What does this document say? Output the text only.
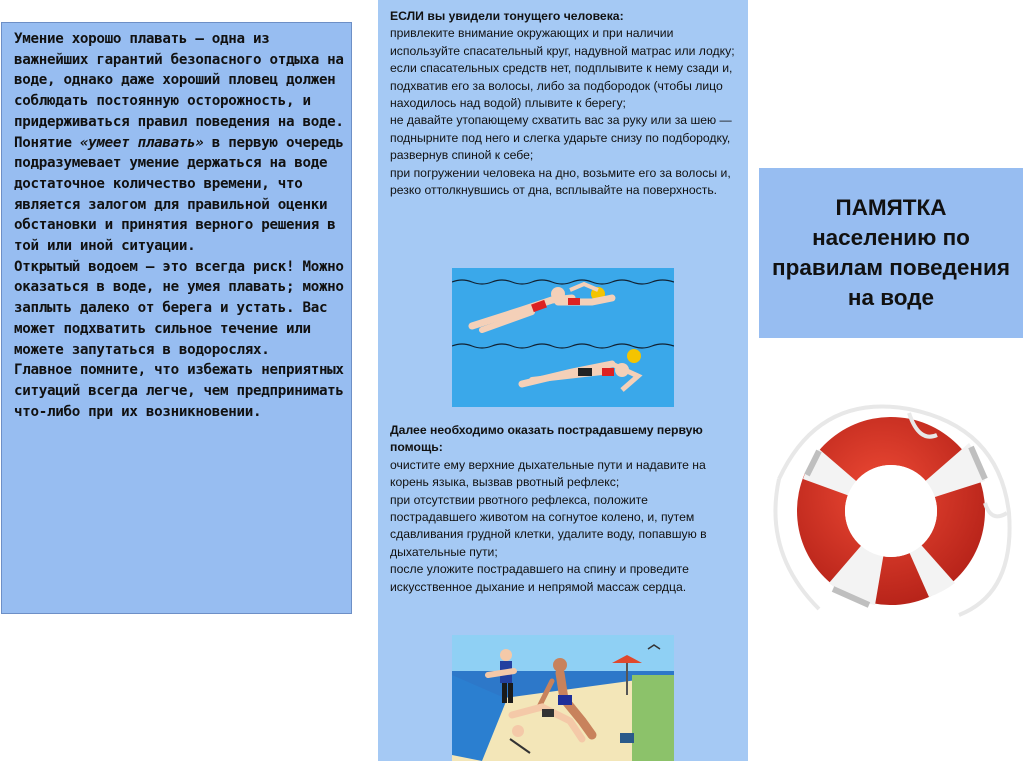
Умение хорошо плавать – одна из важнейших гарантий безопасного отдыха на воде, однако даже хороший пловец должен соблюдать постоянную осторожность, и придерживаться правил поведения на воде.

Понятие «умеет плавать» в первую очередь подразумевает умение держаться на воде достаточное количество времени, что является залогом для правильной оценки обстановки и принятия верного решения в той или иной ситуации.

Открытый водоем – это всегда риск! Можно оказаться в воде, не умея плавать; можно заплыть далеко от берега и устать. Вас может подхватить сильное течение или можете запутаться в водорослях.

Главное помните, что избежать неприятных ситуаций всегда легче, чем предпринимать что-либо при их возникновении.

ЕСЛИ вы увидели тонущего человека:

привлеките внимание окружающих и при наличии используйте спасательный круг, надувной матрас или лодку;

если спасательных средств нет, подплывите к нему сзади и, подхватив его за волосы, либо за подбородок (чтобы лицо находилось над водой) плывите к берегу;

не давайте утопающему схватить вас за руку или за шею — поднырните под него и слегка ударьте снизу по подбородку, развернув спиной к себе;

при погружении человека на дно, возьмите его за волосы и, резко оттолкнувшись от дна, всплывайте на поверхность.

Далее необходимо оказать пострадавшему первую помощь:

очистите ему верхние дыхательные пути и надавите на корень языка, вызвав рвотный рефлекс;

при отсутствии рвотного рефлекса, положите пострадавшего животом на согнутое колено, и, путем сдавливания грудной клетки, удалите воду, попавшую в дыхательные пути;

после уложите пострадавшего на спину и проведите искусственное дыхание и непрямой массаж сердца.

ПАМЯТКА населению по правилам поведения на воде
